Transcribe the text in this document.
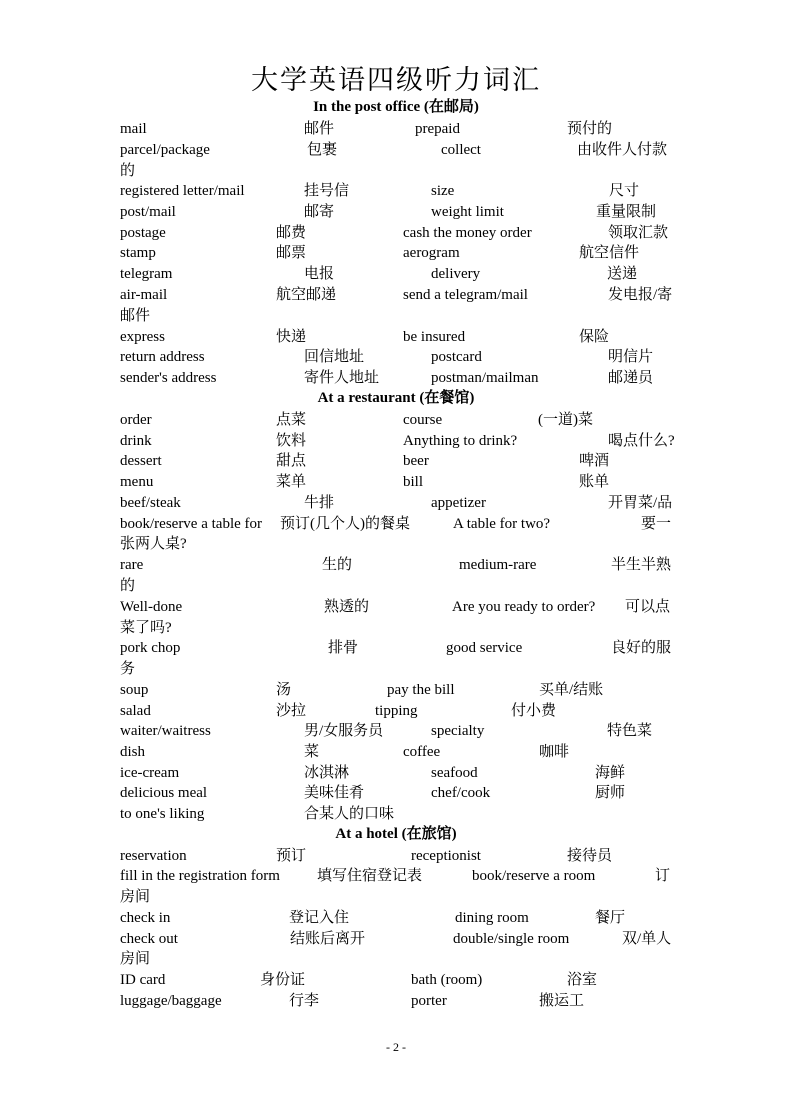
大学英语四级听力词汇
In the post office (在邮局)
mail	邮件	prepaid	预付的
parcel/package	包裹	collect	由收件人付款
的
registered letter/mail	挂号信	size	尺寸
post/mail	邮寄	weight limit	重量限制
postage	邮费	cash the money order	领取汇款
stamp	邮票	aerogram	航空信件
telegram	电报	delivery	送递
air-mail	航空邮递	send a telegram/mail	发电报/寄
邮件
express	快递	be insured	保险
return address	回信地址	postcard	明信片
sender's address	寄件人地址	postman/mailman	邮递员
At a restaurant (在餐馆)
order	点菜	course	(一道)菜
drink	饮料	Anything to drink?	喝点什么?
dessert	甜点	beer	啤酒
menu	菜单	bill	账单
beef/steak	牛排	appetizer	开胃菜/品
book/reserve a table for 预订(几个人)的餐桌	A table for two?	要一
张两人桌?
rare	生的	medium-rare	半生半熟
的
Well-done	熟透的	Are you ready to order? 可以点
菜了吗?
pork chop	排骨	good service	良好的服
务
soup	汤	pay the bill	买单/结账
salad	沙拉	tipping	付小费
waiter/waitress	男/女服务员	specialty	特色菜
dish	菜	coffee	咖啡
ice-cream	冰淇淋	seafood	海鲜
delicious meal	美味佳肴	chef/cook	厨师
to one's liking	合某人的口味
At a hotel (在旅馆)
reservation	预订	receptionist	接待员
fill in the registration form 填写住宿登记表	book/reserve a room	订
房间
check in	登记入住	dining room	餐厅
check out	结账后离开	double/single room	双/单人
房间
ID card	身份证	bath (room)	浴室
luggage/baggage	行李	porter	搬运工
- 2 -
